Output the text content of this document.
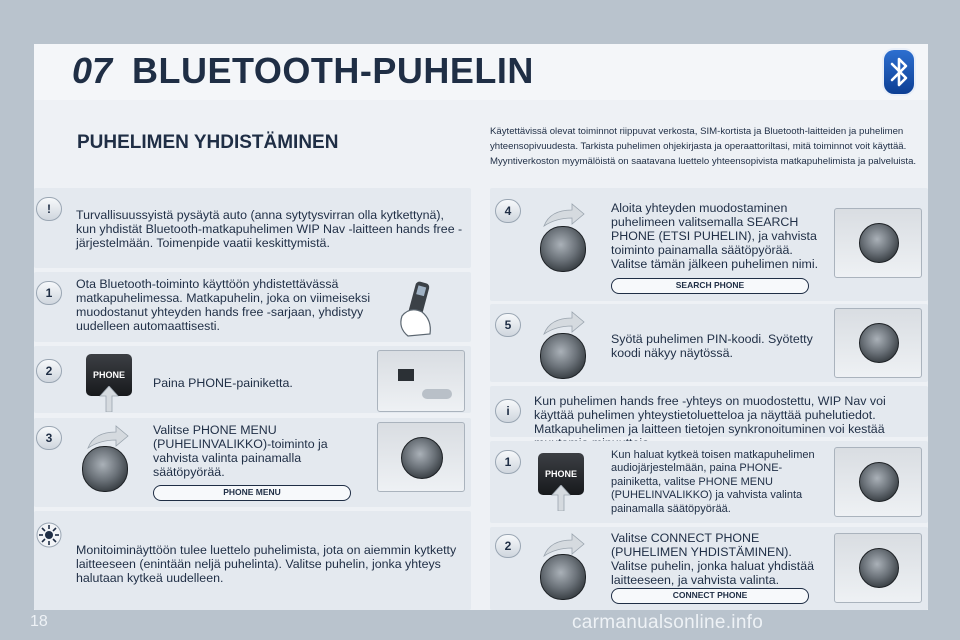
07 BLUETOOTH-PUHELIN
PUHELIMEN YHDISTÄMINEN
Käytettävissä olevat toiminnot riippuvat verkosta, SIM-kortista ja Bluetooth-laitteiden ja puhelimen yhteensopivuudesta. Tarkista puhelimen ohjekirjasta ja operaattoriltasi, mitä toiminnot voit käyttää. Myyntiverkoston myymälöistä on saatavana luettelo yhteensopivista matkapuhelimista ja palveluista.
!	Turvallisuussyistä pysäytä auto (anna sytytysvirran olla kytkettynä), kun yhdistät Bluetooth-matkapuhelimen WIP Nav -laitteen hands free -järjestelmään. Toimenpide vaatii keskittymistä.
1
Ota Bluetooth-toiminto käyttöön yhdistettävässä matkapuhelimessa. Matkapuhelin, joka on viimeiseksi muodostanut yhteyden hands free -sarjaan, yhdistyy uudelleen automaattisesti.
2	PHONE
Paina PHONE-painiketta.
3
Valitse PHONE MENU (PUHELINVALIKKO)-toiminto ja vahvista valinta painamalla säätöpyörää.
PHONE MENU
Monitoiminäyttöön tulee luettelo puhelimista, jota on aiemmin kytketty laitteeseen (enintään neljä puhelinta). Valitse puhelin, jonka yhteys halutaan kytkeä uudelleen.
4	Aloita yhteyden muodostaminen puhelimeen valitsemalla SEARCH PHONE (ETSI PUHELIN), ja vahvista toiminto painamalla säätöpyörää. Valitse tämän jälkeen puhelimen nimi.
SEARCH PHONE
5
Syötä puhelimen PIN-koodi. Syötetty koodi näkyy näytössä.
i
Kun puhelimen hands free -yhteys on muodostettu, WIP Nav voi käyttää puhelimen yhteystietoluetteloa ja näyttää puhelutiedot. Matkapuhelimen ja laitteen tietojen synkronoituminen voi kestää
1
PHONE
Kun haluat kytkeä toisen matkapuhelimen audiojärjestelmään, paina PHONE-painiketta, valitse PHONE MENU (PUHELINVALIKKO) ja vahvista valinta painamalla säätöpyörää.
2
Valitse CONNECT PHONE (PUHELIMEN YHDISTÄMINEN). Valitse puhelin, jonka haluat yhdistää laitteeseen, ja vahvista valinta.
CONNECT PHONE
18	carmanualsonline.info
